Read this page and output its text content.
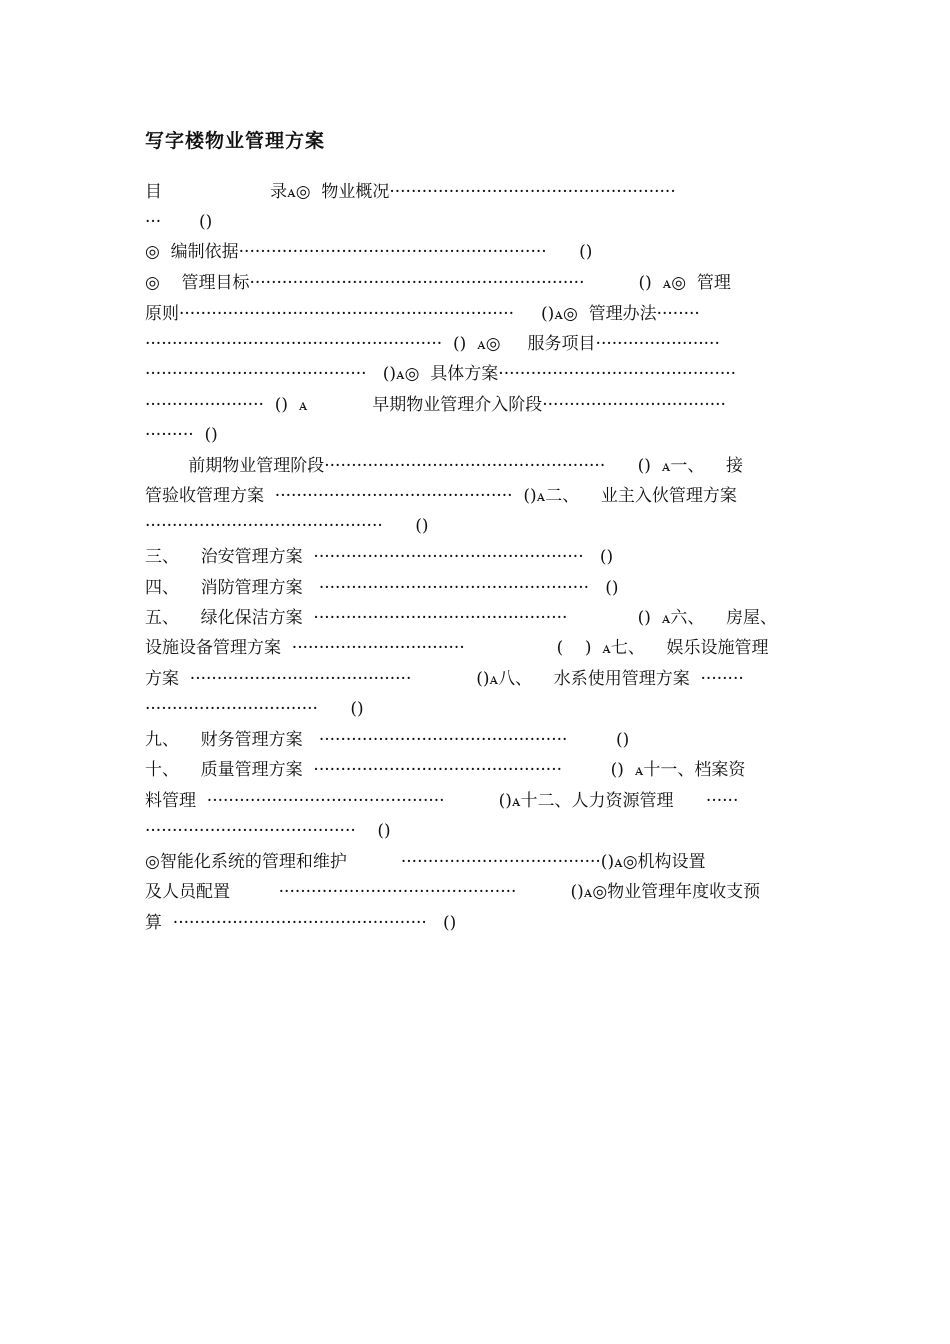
写字楼物业管理方案
目                    录ꭺ◎  物业概况·····················································
···       ()
◎  编制依据·························································      ()
◎    管理目标······························································          ()  ꭺ◎  管理
原则······························································     ()ꭺ◎  管理办法········
·······················································  ()  ꭺ◎     服务项目·······················
·········································   ()ꭺ◎  具体方案············································
······················  ()  ꭺ            早期物业管理介入阶段··································
·········  ()
前期物业管理阶段····················································      ()  ꭺ一、    接
管验收管理方案  ············································  ()ꭺ二、    业主入伙管理方案
············································      ()
三、    治安管理方案  ··················································   ()
四、    消防管理方案   ··················································   ()
五、    绿化保洁方案  ···············································             ()  ꭺ六、    房屋、
设施设备管理方案  ································                 (    )  ꭺ七、    娱乐设施管理
方案  ·········································            ()ꭺ八、    水系使用管理方案  ········
································      ()
九、    财务管理方案   ··············································         ()
十、    质量管理方案  ··············································         ()  ꭺ十一、档案资
料管理  ············································          ()ꭺ十二、人力资源管理      ······
·······································    ()
◎智能化系统的管理和维护          ·····································()ꭺ◎机构设置
及人员配置         ············································          ()ꭺ◎物业管理年度收支预
算  ···············································   ()
